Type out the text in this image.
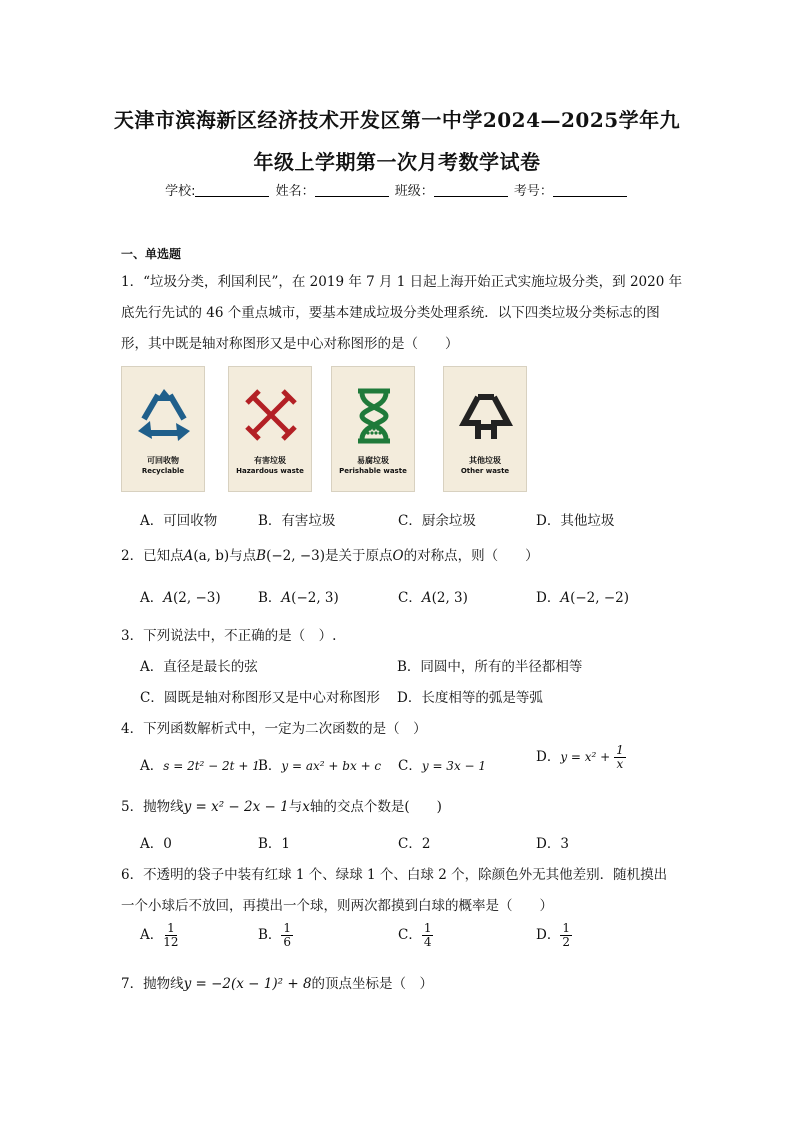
天津市滨海新区经济技术开发区第一中学2024—2025学年九
年级上学期第一次月考数学试卷
学校:	姓名：	班级：	考号：
一、单选题
1．“垃圾分类，利国利民”，在 2019 年 7 月 1 日起上海开始正式实施垃圾分类，到 2020 年
底先行先试的 46 个重点城市，要基本建成垃圾分类处理系统．以下四类垃圾分类标志的图
形，其中既是轴对称图形又是中心对称图形的是（　　）
可回收物
Recyclable
有害垃圾
Hazardous waste
易腐垃圾
Perishable waste
其他垃圾
Other waste
A．可回收物	B．有害垃圾	C．厨余垃圾	D．其他垃圾
2．已知点A(a, b)与点B(−2, −3)是关于原点O的对称点，则（　　）
A．A(2, −3)	B．A(−2, 3)	C．A(2, 3)	D．A(−2, −2)
3．下列说法中，不正确的是（　）.
A．直径是最长的弦	B．同圆中，所有的半径都相等
C．圆既是轴对称图形又是中心对称图形 D．长度相等的弧是等弧
4．下列函数解析式中，一定为二次函数的是（　）
A．s = 2t² − 2t + 1
B．y = ax² + bx + c C．y = 3x − 1
D．$y = x^2 + \frac{1}{x}$
5．抛物线y = x² − 2x − 1与x轴的交点个数是(　　)
A．0	B．1	C．2	D．3
6．不透明的袋子中装有红球 1 个、绿球 1 个、白球 2 个，除颜色外无其他差别．随机摸出
一个小球后不放回，再摸出一个球，则两次都摸到白球的概率是（　　）
A． $\frac{1}{12}$	B． $\frac{1}{6}$	C． $\frac{1}{4}$	D． $\frac{1}{2}$
7．抛物线y = −2(x − 1)² + 8的顶点坐标是（　）
